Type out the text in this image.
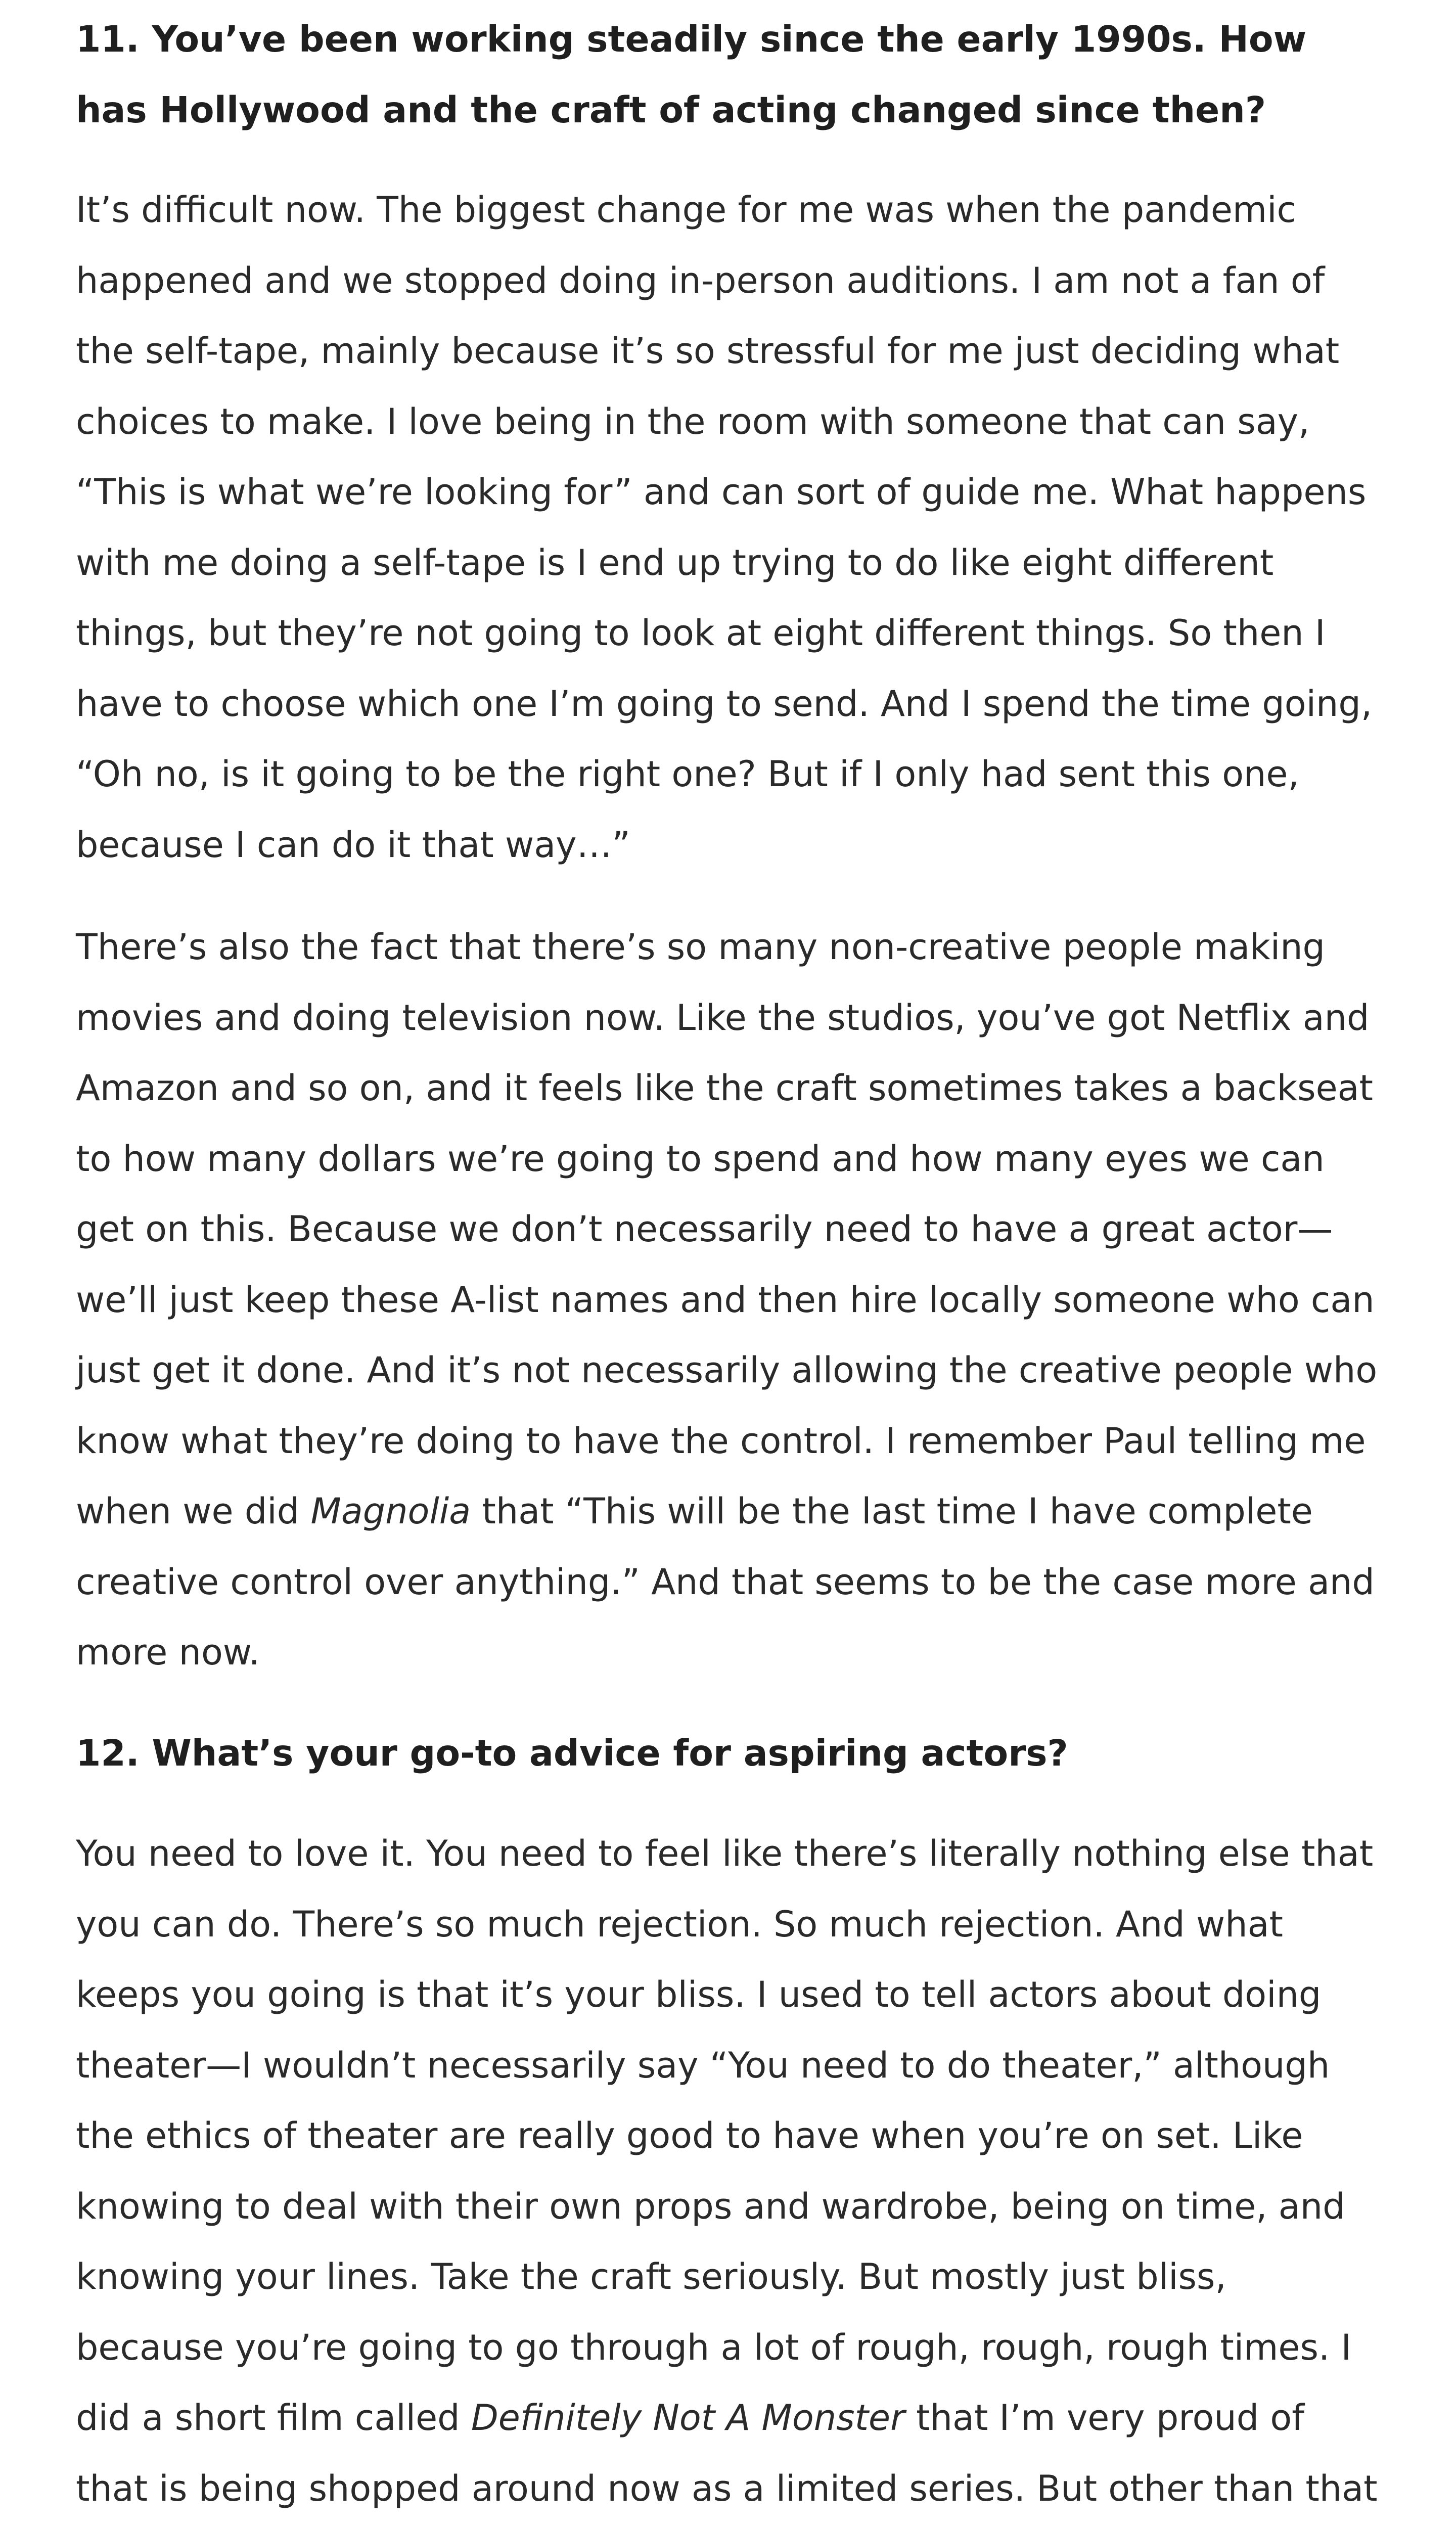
11. You’ve been working steadily since the early 1990s. How has Hollywood and the craft of acting changed since then?

It’s difficult now. The biggest change for me was when the pandemic happened and we stopped doing in-person auditions. I am not a fan of the self-tape, mainly because it’s so stressful for me just deciding what choices to make. I love being in the room with someone that can say, “This is what we’re looking for” and can sort of guide me. What happens with me doing a self-tape is I end up trying to do like eight different things, but they’re not going to look at eight different things. So then I have to choose which one I’m going to send. And I spend the time going, “Oh no, is it going to be the right one? But if I only had sent this one, because I can do it that way…”

There’s also the fact that there’s so many non-creative people making movies and doing television now. Like the studios, you’ve got Netflix and Amazon and so on, and it feels like the craft sometimes takes a backseat to how many dollars we’re going to spend and how many eyes we can get on this. Because we don’t necessarily need to have a great actor—we’ll just keep these A-list names and then hire locally someone who can just get it done. And it’s not necessarily allowing the creative people who know what they’re doing to have the control. I remember Paul telling me when we did Magnolia that “This will be the last time I have complete creative control over anything.” And that seems to be the case more and more now.

12. What’s your go-to advice for aspiring actors?

You need to love it. You need to feel like there’s literally nothing else that you can do. There’s so much rejection. So much rejection. And what keeps you going is that it’s your bliss. I used to tell actors about doing theater—I wouldn’t necessarily say “You need to do theater,” although the ethics of theater are really good to have when you’re on set. Like knowing to deal with their own props and wardrobe, being on time, and knowing your lines. Take the craft seriously. But mostly just bliss, because you’re going to go through a lot of rough, rough, rough times. I did a short film called Definitely Not A Monster that I’m very proud of that is being shopped around now as a limited series. But other than that
